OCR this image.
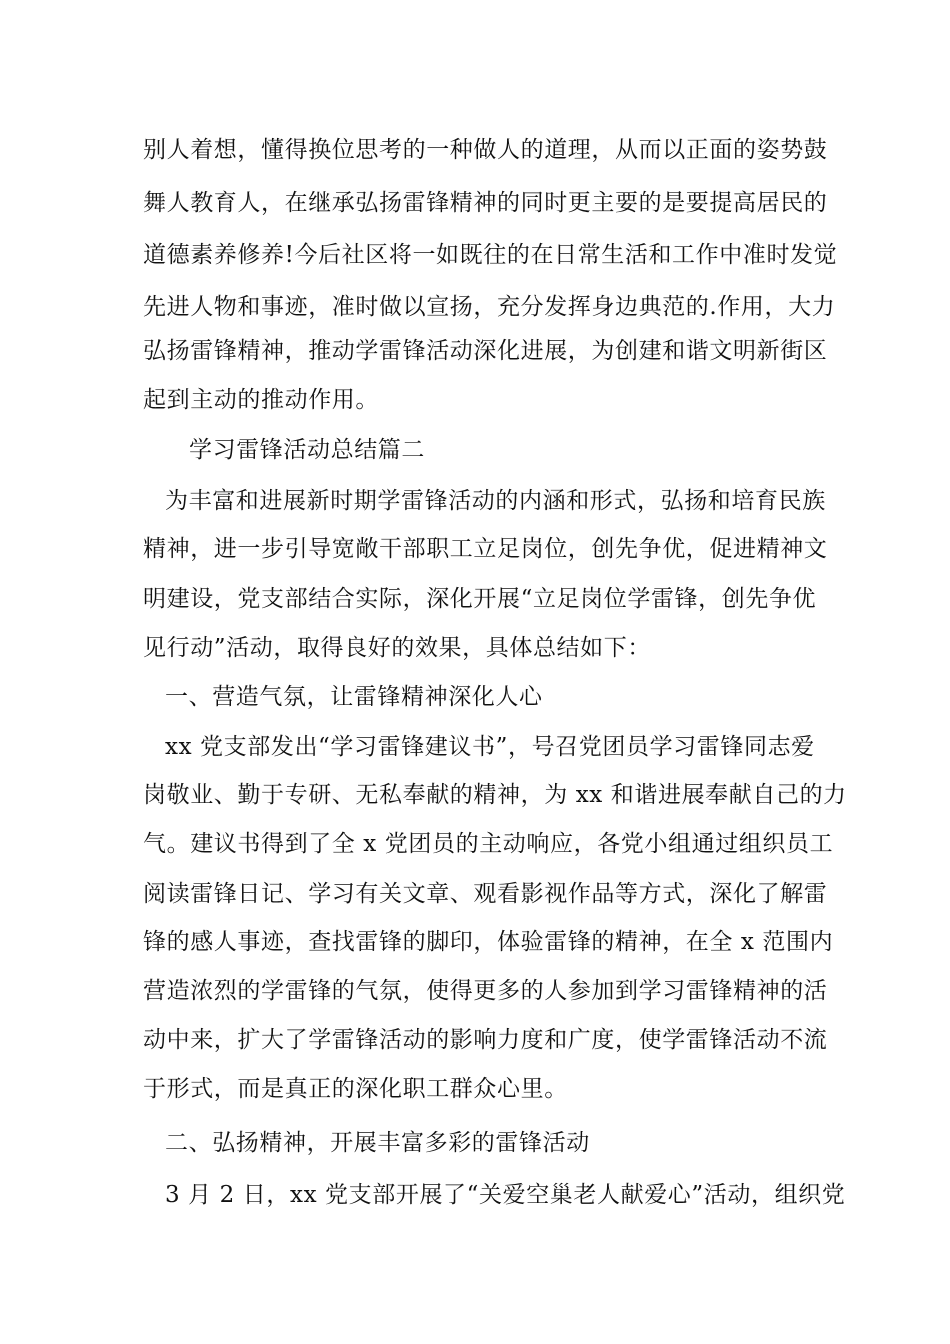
别人着想，懂得换位思考的一种做人的道理，从而以正面的姿势鼓
舞人教育人，在继承弘扬雷锋精神的同时更主要的是要提高居民的
道德素养修养!今后社区将一如既往的在日常生活和工作中准时发觉
先进人物和事迹，准时做以宣扬，充分发挥身边典范的.作用，大力
弘扬雷锋精神，推动学雷锋活动深化进展，为创建和谐文明新街区
起到主动的推动作用。
学习雷锋活动总结篇二
为丰富和进展新时期学雷锋活动的内涵和形式，弘扬和培育民族
精神，进一步引导宽敞干部职工立足岗位，创先争优，促进精神文
明建设，党支部结合实际，深化开展“立足岗位学雷锋，创先争优
见行动”活动，取得良好的效果，具体总结如下：
一、营造气氛，让雷锋精神深化人心
xx 党支部发出“学习雷锋建议书”，号召党团员学习雷锋同志爱
岗敬业、勤于专研、无私奉献的精神，为 xx 和谐进展奉献自己的力
气。建议书得到了全 x 党团员的主动响应，各党小组通过组织员工
阅读雷锋日记、学习有关文章、观看影视作品等方式，深化了解雷
锋的感人事迹，查找雷锋的脚印，体验雷锋的精神，在全 x 范围内
营造浓烈的学雷锋的气氛，使得更多的人参加到学习雷锋精神的活
动中来，扩大了学雷锋活动的影响力度和广度，使学雷锋活动不流
于形式，而是真正的深化职工群众心里。
二、弘扬精神，开展丰富多彩的雷锋活动
3 月 2 日，xx 党支部开展了“关爱空巢老人献爱心”活动，组织党
